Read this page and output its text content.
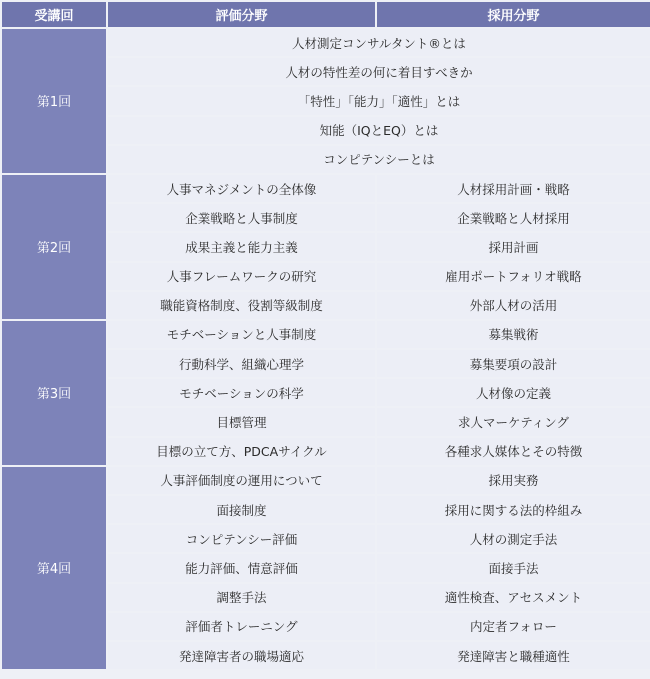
受講回	評価分野	採用分野
第1回	人材測定コンサルタント®とは	
	人材の特性差の何に着目すべきか	
	「特性」「能力」「適性」とは	
	知能（IQとEQ）とは	
	コンピテンシーとは	
第2回	人事マネジメントの全体像	人材採用計画・戦略
	企業戦略と人事制度	企業戦略と人材採用
	成果主義と能力主義	採用計画
	人事フレームワークの研究	雇用ポートフォリオ戦略
	職能資格制度、役割等級制度	外部人材の活用
第3回	モチベーションと人事制度	募集戦術
	行動科学、組織心理学	募集要項の設計
	モチベーションの科学	人材像の定義
	目標管理	求人マーケティング
	目標の立て方、PDCAサイクル	各種求人媒体とその特徴
第4回	人事評価制度の運用について	採用実務
	面接制度	採用に関する法的枠組み
	コンピテンシー評価	人材の測定手法
	能力評価、情意評価	面接手法
	調整手法	適性検査、アセスメント
	評価者トレーニング	内定者フォロー
	発達障害者の職場適応	発達障害と職種適性
